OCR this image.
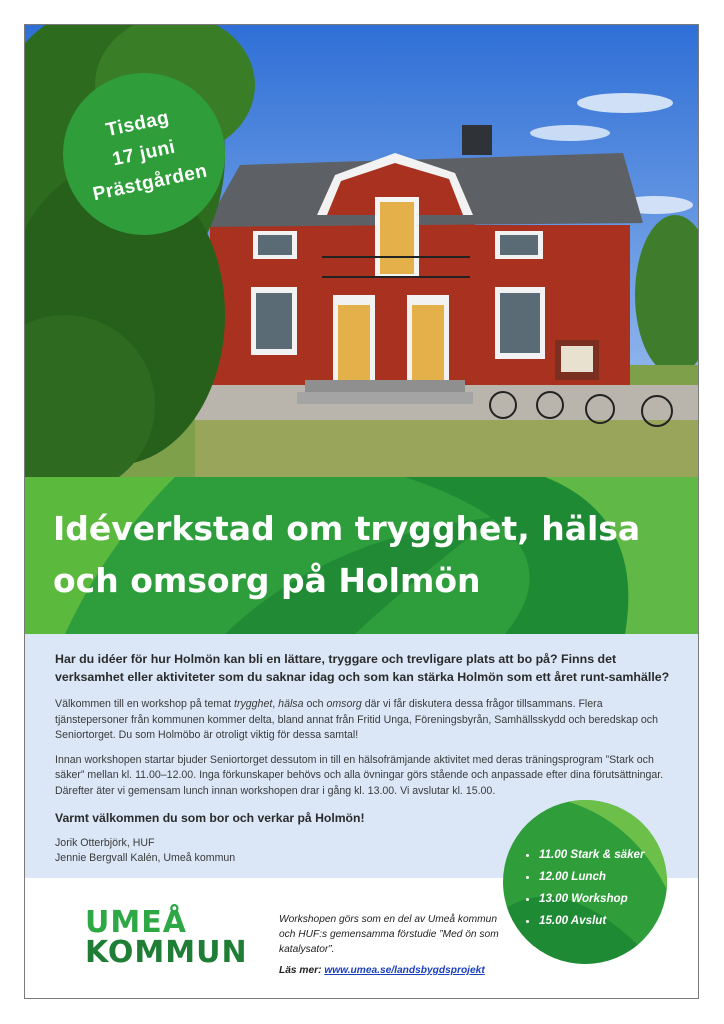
Tisdag
17 juni
Prästgården
Idéverkstad om trygghet, hälsa
och omsorg på Holmön

Har du idéer för hur Holmön kan bli en lättare, tryggare och trevligare plats att bo på? Finns det verksamhet eller aktiviteter som du saknar idag och som kan stärka Holmön som ett året runt-samhälle?

Välkommen till en workshop på temat trygghet, hälsa och omsorg där vi får diskutera dessa frågor tillsammans. Flera tjänstepersoner från kommunen kommer delta, bland annat från Fritid Unga, Föreningsbyrån, Samhällsskydd och beredskap och Seniortorget. Du som Holmöbo är otroligt viktig för dessa samtal!

Innan workshopen startar bjuder Seniortorget dessutom in till en hälsofrämjande aktivitet med deras träningsprogram ”Stark och säker” mellan kl. 11.00–12.00. Inga förkunskaper behövs och alla övningar görs stående och anpassade efter dina förutsättningar. Därefter äter vi gemensam lunch innan workshopen drar i gång kl. 13.00. Vi avslutar kl. 15.00.

Varmt välkommen du som bor och verkar på Holmön!

Jorik Otterbjörk, HUF
Jennie Bergvall Kalén, Umeå kommun

UMEÅ
KOMMUN

Workshopen görs som en del av Umeå kommun och HUF:s gemensamma förstudie ”Med ön som katalysator”.

Läs mer: www.umea.se/landsbygdsprojekt

• 11.00 Stark & säker
• 12.00 Lunch
• 13.00 Workshop
• 15.00 Avslut
